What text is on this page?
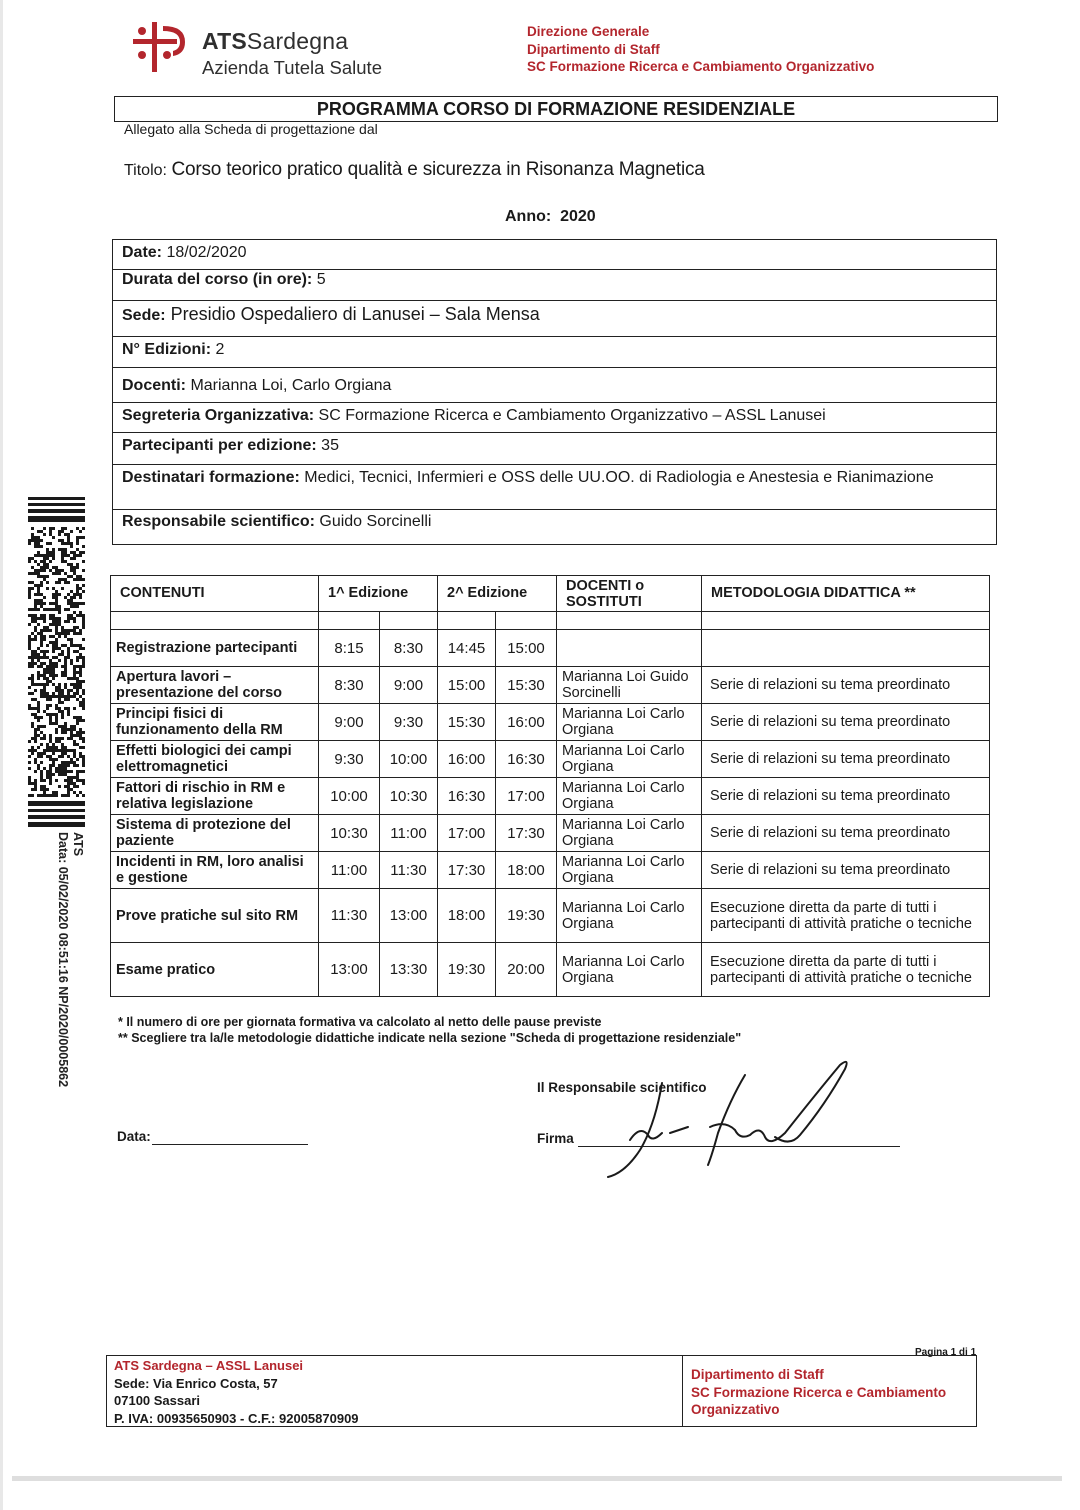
ATSSardegna
Azienda Tutela Salute
Direzione Generale
Dipartimento di Staff
SC Formazione Ricerca e Cambiamento Organizzativo
PROGRAMMA CORSO DI FORMAZIONE RESIDENZIALE
Allegato alla Scheda di progettazione dal
Titolo: Corso teorico pratico qualità e sicurezza in Risonanza Magnetica
Anno: 2020
Date: 18/02/2020
Durata del corso (in ore): 5
Sede: Presidio Ospedaliero di Lanusei – Sala Mensa
N° Edizioni: 2
Docenti: Marianna Loi, Carlo Orgiana
Segreteria Organizzativa: SC Formazione Ricerca e Cambiamento Organizzativo – ASSL Lanusei
Partecipanti per edizione: 35
Destinatari formazione: Medici, Tecnici, Infermieri e OSS delle UU.OO. di Radiologia e Anestesia e Rianimazione
Responsabile scientifico: Guido Sorcinelli
CONTENUTI	1^ Edizione		2^ Edizione		DOCENTI o SOSTITUTI	METODOLOGIA DIDATTICA **

Registrazione partecipanti	8:15	8:30	14:45	15:00		
Apertura lavori – presentazione del corso	8:30	9:00	15:00	15:30	Marianna Loi Guido Sorcinelli	Serie di relazioni su tema preordinato
Principi fisici di funzionamento della RM	9:00	9:30	15:30	16:00	Marianna Loi Carlo Orgiana	Serie di relazioni su tema preordinato
Effetti biologici dei campi elettromagnetici	9:30	10:00	16:00	16:30	Marianna Loi Carlo Orgiana	Serie di relazioni su tema preordinato
Fattori di rischio in RM e relativa legislazione	10:00	10:30	16:30	17:00	Marianna Loi Carlo Orgiana	Serie di relazioni su tema preordinato
Sistema di protezione del paziente	10:30	11:00	17:00	17:30	Marianna Loi Carlo Orgiana	Serie di relazioni su tema preordinato
Incidenti in RM, loro analisi e gestione	11:00	11:30	17:30	18:00	Marianna Loi Carlo Orgiana	Serie di relazioni su tema preordinato
Prove pratiche sul sito RM	11:30	13:00	18:00	19:30	Marianna Loi Carlo Orgiana	Esecuzione diretta da parte di tutti i partecipanti di attività pratiche o tecniche
Esame pratico	13:00	13:30	19:30	20:00	Marianna Loi Carlo Orgiana	Esecuzione diretta da parte di tutti i partecipanti di attività pratiche o tecniche
* Il numero di ore per giornata formativa va calcolato al netto delle pause previste
** Scegliere tra la/le metodologie didattiche indicate nella sezione "Scheda di progettazione residenziale"
Il Responsabile scientifico
Firma
Data:
ATS
Data: 05/02/2020 08:51:16 NP/2020/0005862
Pagina 1 di 1
ATS Sardegna – ASSL Lanusei
Sede: Via Enrico Costa, 57
07100 Sassari
P. IVA: 00935650903 - C.F.: 92005870909
Dipartimento di Staff
SC Formazione Ricerca e Cambiamento
Organizzativo
